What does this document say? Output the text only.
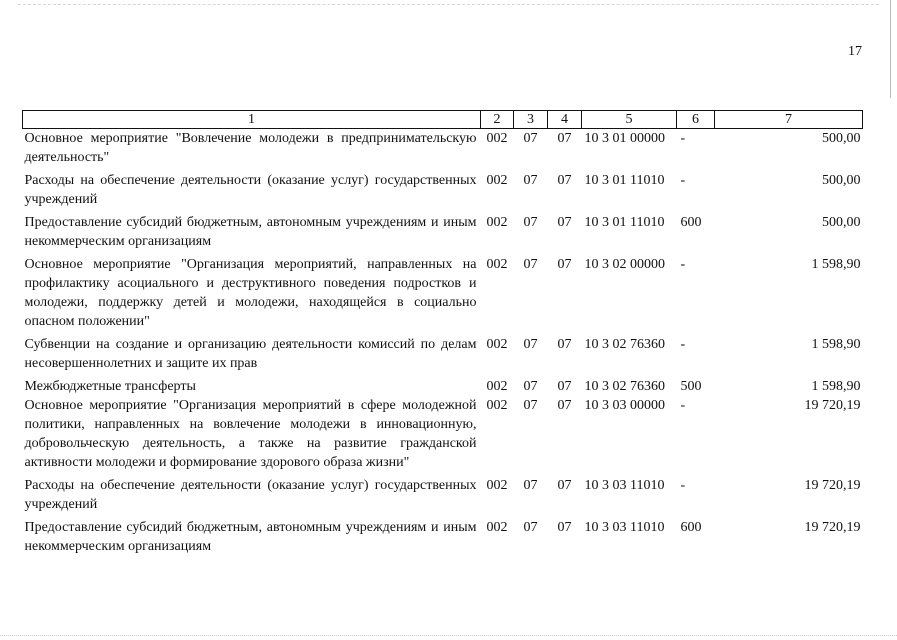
17
1	2	3	4	5	6	7
Основное мероприятие "Вовлечение молодежи в предпринимательскую деятельность"	002	07	07	10 3 01 00000	-	500,00
Расходы на обеспечение деятельности (оказание услуг) государственных учреждений	002	07	07	10 3 01 11010	-	500,00
Предоставление субсидий бюджетным, автономным учреждениям и иным некоммерческим организациям	002	07	07	10 3 01 11010	600	500,00
Основное мероприятие "Организация мероприятий, направленных на профилактику асоциального и деструктивного поведения подростков и молодежи, поддержку детей и молодежи, находящейся в социально опасном положении"	002	07	07	10 3 02 00000	-	1 598,90
Субвенции на создание и организацию деятельности комиссий по делам несовершеннолетних и защите их прав	002	07	07	10 3 02 76360	-	1 598,90
Межбюджетные трансферты	002	07	07	10 3 02 76360	500	1 598,90
Основное мероприятие "Организация мероприятий в сфере молодежной политики, направленных на вовлечение молодежи в инновационную, добровольческую деятельность, а также на развитие гражданской активности молодежи и формирование здорового образа жизни"	002	07	07	10 3 03 00000	-	19 720,19
Расходы на обеспечение деятельности (оказание услуг) государственных учреждений	002	07	07	10 3 03 11010	-	19 720,19
Предоставление субсидий бюджетным, автономным учреждениям и иным некоммерческим организациям	002	07	07	10 3 03 11010	600	19 720,19
